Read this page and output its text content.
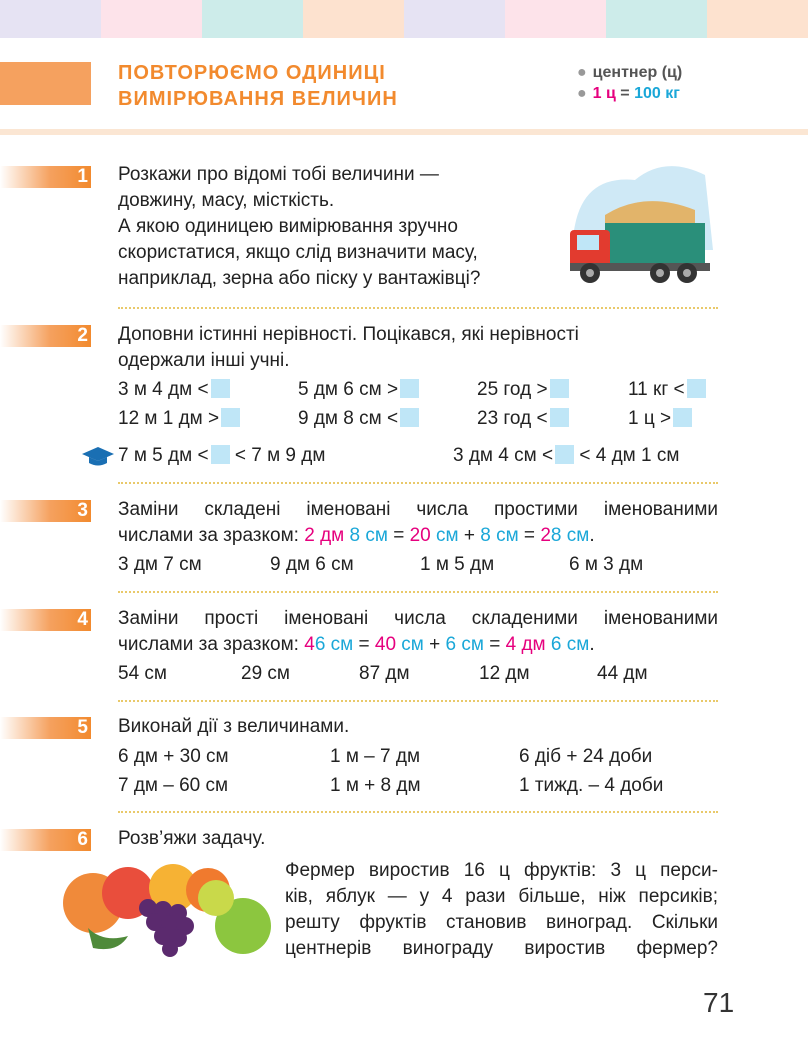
ПОВТОРЮЄМО ОДИНИЦІ
ВИМІРЮВАННЯ ВЕЛИЧИН
● центнер (ц)
● 1 ц = 100 кг
1 Розкажи про відомі тобі величини —
довжину, масу, місткість.
А якою одиницею вимірювання зручно
скористатися, якщо слід визначити масу,
наприклад, зерна або піску у вантажівці?
2 Доповни істинні нерівності. Поцікався, які нерівності
одержали інші учні.
3 м 4 дм <	5 дм 6 см >	25 год >	11 кг <
12 м 1 дм >	9 дм 8 см <	23 год <	1 ц >
7 м 5 дм < < 7 м 9 дм	3 дм 4 см < < 4 дм 1 см
3 Заміни складені іменовані числа простими іменованими
числами за зразком: 2 дм 8 см = 20 см + 8 см = 28 см.
3 дм 7 см	9 дм 6 см	1 м 5 дм	6 м 3 дм
4 Заміни прості іменовані числа складеними іменованими
числами за зразком: 46 см = 40 см + 6 см = 4 дм 6 см.
54 см	29 см	87 дм	12 дм	44 дм
5 Виконай дії з величинами.
6 дм + 30 см	1 м – 7 дм	6 діб + 24 доби
7 дм – 60 см	1 м + 8 дм	1 тижд. – 4 доби
6 Розв’яжи задачу.
Фермер виростив 16 ц фруктів: 3 ц перси-
ків, яблук — у 4 рази більше, ніж персиків;
решту фруктів становив виноград. Скільки
центнерів винограду виростив фермер?
71
